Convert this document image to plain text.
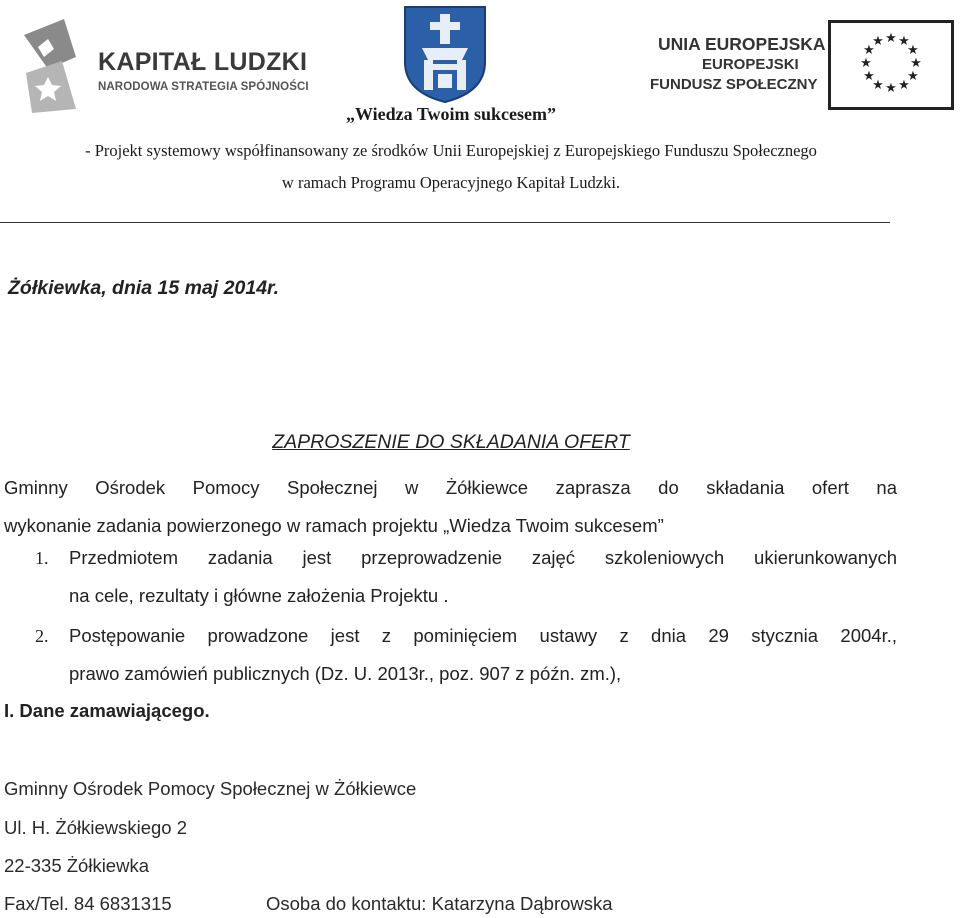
KAPITAŁ LUDZKI
NARODOWA STRATEGIA SPÓJNOŚCI
UNIA EUROPEJSKA
EUROPEJSKI
FUNDUSZ SPOŁECZNY
★ ★
★
★
★
★
★
★
★
★
★
★
„Wiedza Twoim sukcesem”
- Projekt systemowy współfinansowany ze środków Unii Europejskiej z Europejskiego Funduszu Społecznego
w ramach Programu Operacyjnego Kapitał Ludzki.
Żółkiewka, dnia 15 maj 2014r.
ZAPROSZENIE DO SKŁADANIA OFERT
Gminny Ośrodek Pomocy Społecznej w Żółkiewce zaprasza do składania ofert na
wykonanie zadania powierzonego w ramach projektu „Wiedza Twoim sukcesem”
1. Przedmiotem zadania jest przeprowadzenie zajęć szkoleniowych ukierunkowanych
na cele, rezultaty i główne założenia Projektu .
2. Postępowanie prowadzone jest z pominięciem ustawy z dnia 29 stycznia 2004r.,
prawo zamówień publicznych (Dz. U. 2013r., poz. 907 z późn. zm.),
I. Dane zamawiającego.
Gminny Ośrodek Pomocy Społecznej w Żółkiewce
Ul. H. Żółkiewskiego 2
22-335 Żółkiewka
Fax/Tel. 84 6831315	Osoba do kontaktu: Katarzyna Dąbrowska
